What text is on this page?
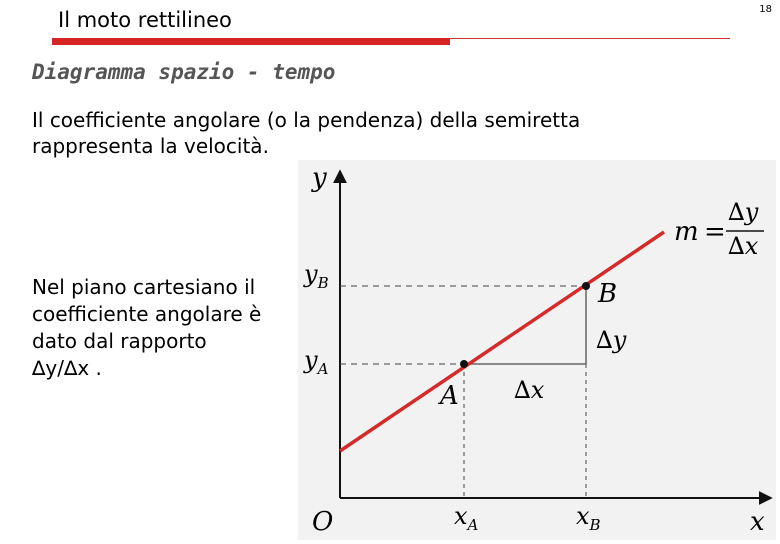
Il moto rettilineo	18
Diagramma spazio - tempo
Il coefficiente angolare (o la pendenza) della semiretta
rappresenta la velocità.
y
x
O
$y_B$
$y_A$
$x_A$	$x_B$
A
B
∆y
∆x
m =
∆y
∆x
Nel piano cartesiano il
coefficiente angolare è
dato dal rapporto
∆y/∆x .
